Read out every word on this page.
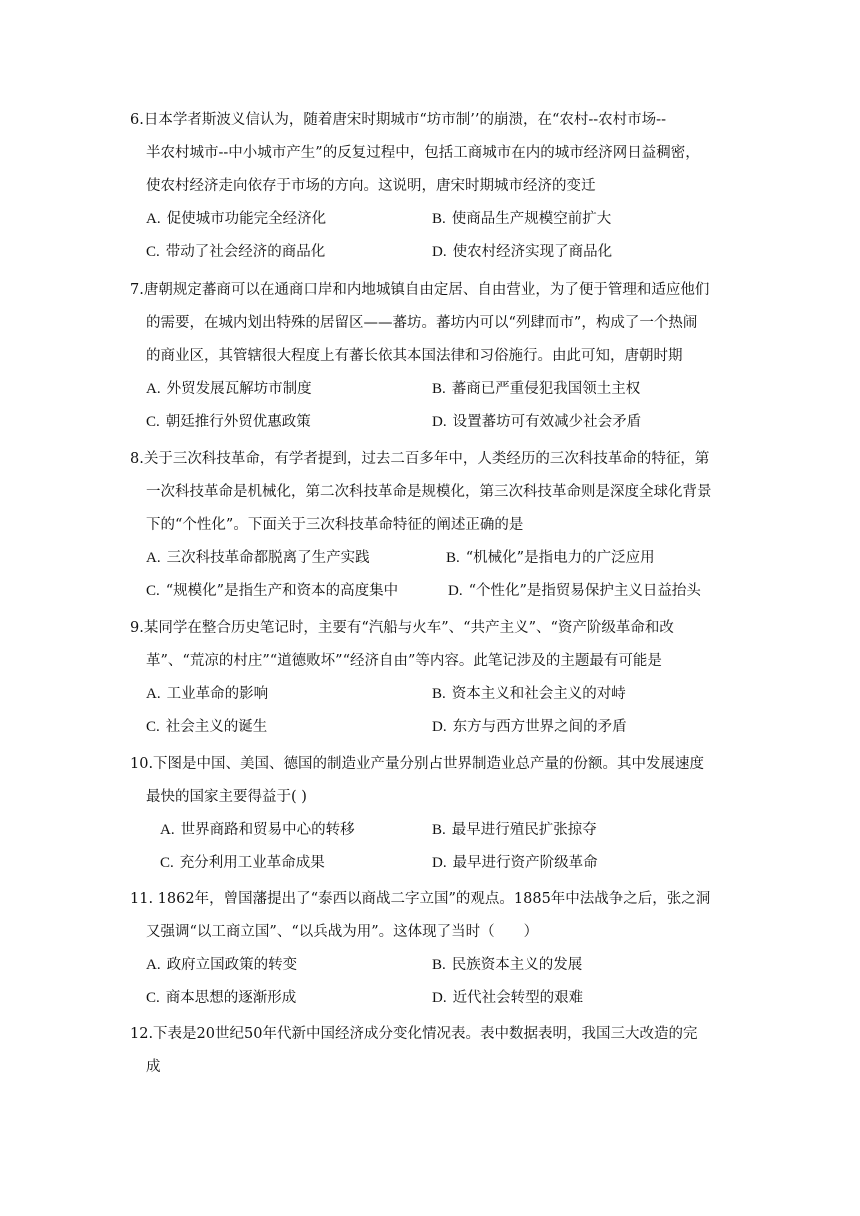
6.日本学者斯波义信认为，随着唐宋时期城市“坊市制’’的崩溃，在“农村--农村市场--
半农村城市--中小城市产生”的反复过程中，包括工商城市在内的城市经济网日益稠密，
使农村经济走向依存于市场的方向。这说明，唐宋时期城市经济的变迁
A. 促使城市功能完全经济化	B. 使商品生产规模空前扩大
C. 带动了社会经济的商品化	D. 使农村经济实现了商品化
7.唐朝规定蕃商可以在通商口岸和内地城镇自由定居、自由营业，为了便于管理和适应他们
的需要，在城内划出特殊的居留区——蕃坊。蕃坊内可以“列肆而市”，构成了一个热闹
的商业区，其管辖很大程度上有蕃长依其本国法律和习俗施行。由此可知，唐朝时期
A. 外贸发展瓦解坊市制度	B. 蕃商已严重侵犯我国领土主权
C. 朝廷推行外贸优惠政策	D. 设置蕃坊可有效减少社会矛盾
8.关于三次科技革命，有学者提到，过去二百多年中，人类经历的三次科技革命的特征，第
一次科技革命是机械化，第二次科技革命是规模化，第三次科技革命则是深度全球化背景
下的“个性化”。下面关于三次科技革命特征的阐述正确的是
A. 三次科技革命都脱离了生产实践	B. “机械化”是指电力的广泛应用
C. “规模化”是指生产和资本的高度集中	D. “个性化”是指贸易保护主义日益抬头
9.某同学在整合历史笔记时，主要有“汽船与火车”、“共产主义”、“资产阶级革命和改
革”、“荒凉的村庄”“道德败坏”“经济自由”等内容。此笔记涉及的主题最有可能是
A. 工业革命的影响	B. 资本主义和社会主义的对峙
C. 社会主义的诞生	D. 东方与西方世界之间的矛盾
10.下图是中国、美国、德国的制造业产量分别占世界制造业总产量的份额。其中发展速度
最快的国家主要得益于( )
A. 世界商路和贸易中心的转移	B. 最早进行殖民扩张掠夺
C. 充分利用工业革命成果	D. 最早进行资产阶级革命
11. 1862年，曾国藩提出了“泰西以商战二字立国”的观点。1885年中法战争之后，张之洞
又强调“以工商立国”、“以兵战为用”。这体现了当时（　　）
A. 政府立国政策的转变	B. 民族资本主义的发展
C. 商本思想的逐渐形成	D. 近代社会转型的艰难
12.下表是20世纪50年代新中国经济成分变化情况表。表中数据表明，我国三大改造的完
成
